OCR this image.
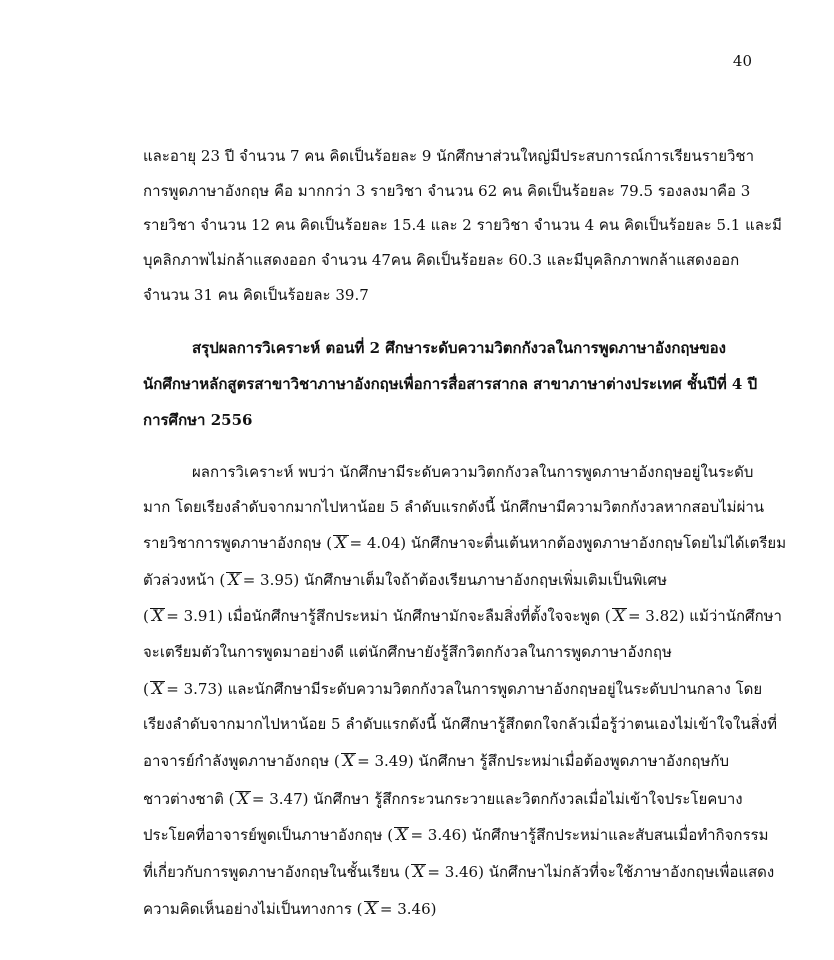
40
และอายุ 23 ปี จำนวน 7 คน คิดเป็นร้อยละ 9 นักศึกษาส่วนใหญ่มีประสบการณ์การเรียนรายวิชา
การพูดภาษาอังกฤษ คือ มากกว่า 3 รายวิชา จำนวน 62 คน คิดเป็นร้อยละ 79.5 รองลงมาคือ 3
รายวิชา จำนวน 12 คน คิดเป็นร้อยละ 15.4 และ 2 รายวิชา จำนวน 4 คน คิดเป็นร้อยละ 5.1 และมี
บุคลิกภาพไม่กล้าแสดงออก จำนวน 47คน คิดเป็นร้อยละ 60.3 และมีบุคลิกภาพกล้าแสดงออก
จำนวน 31 คน คิดเป็นร้อยละ 39.7
สรุปผลการวิเคราะห์ ตอนที่ 2 ศึกษาระดับความวิตกกังวลในการพูดภาษาอังกฤษของ
นักศึกษาหลักสูตรสาขาวิชาภาษาอังกฤษเพื่อการสื่อสารสากล สาขาภาษาต่างประเทศ ชั้นปีที่ 4 ปี
การศึกษา 2556
ผลการวิเคราะห์ พบว่า นักศึกษามีระดับความวิตกกังวลในการพูดภาษาอังกฤษอยู่ในระดับ
มาก โดยเรียงลำดับจากมากไปหาน้อย 5 ลำดับแรกดังนี้ นักศึกษามีความวิตกกังวลหากสอบไม่ผ่าน
รายวิชาการพูดภาษาอังกฤษ ( X = 4.04) นักศึกษาจะตื่นเต้นหากต้องพูดภาษาอังกฤษโดยไม่ได้เตรียม
ตัวล่วงหน้า ( X = 3.95) นักศึกษาเต็มใจถ้าต้องเรียนภาษาอังกฤษเพิ่มเติมเป็นพิเศษ
( X = 3.91) เมื่อนักศึกษารู้สึกประหม่า นักศึกษามักจะลืมสิ่งที่ตั้งใจจะพูด ( X = 3.82) แม้ว่านักศึกษา
จะเตรียมตัวในการพูดมาอย่างดี แต่นักศึกษายังรู้สึกวิตกกังวลในการพูดภาษาอังกฤษ
( X = 3.73) และนักศึกษามีระดับความวิตกกังวลในการพูดภาษาอังกฤษอยู่ในระดับปานกลาง โดย
เรียงลำดับจากมากไปหาน้อย 5 ลำดับแรกดังนี้ นักศึกษารู้สึกตกใจกลัวเมื่อรู้ว่าตนเองไม่เข้าใจในสิ่งที่
อาจารย์กำลังพูดภาษาอังกฤษ ( X = 3.49) นักศึกษา รู้สึกประหม่าเมื่อต้องพูดภาษาอังกฤษกับ
ชาวต่างชาติ ( X = 3.47) นักศึกษา รู้สึกกระวนกระวายและวิตกกังวลเมื่อไม่เข้าใจประโยคบาง
ประโยคที่อาจารย์พูดเป็นภาษาอังกฤษ ( X = 3.46) นักศึกษารู้สึกประหม่าและสับสนเมื่อทำกิจกรรม
ที่เกี่ยวกับการพูดภาษาอังกฤษในชั้นเรียน ( X = 3.46) นักศึกษาไม่กลัวที่จะใช้ภาษาอังกฤษเพื่อแสดง
ความคิดเห็นอย่างไม่เป็นทางการ ( X = 3.46)
